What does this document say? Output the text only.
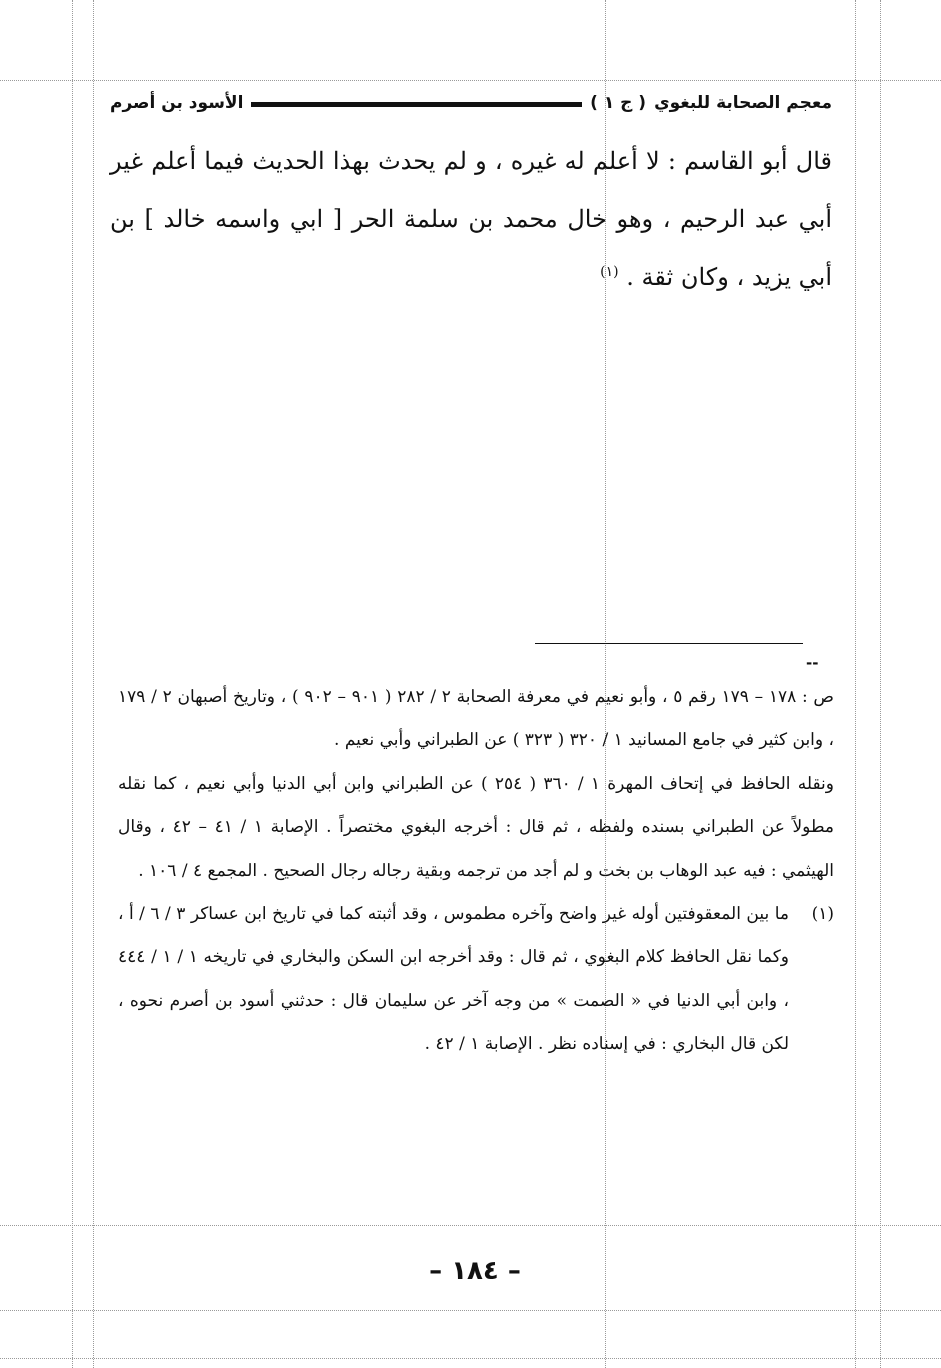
معجم الصحابة للبغوي
( ج ١ )
الأسود بن أصرم

قال أبو القاسم : لا أعلم له غيره ، و لم يحدث بهذا الحديث فيما أعلم غير أبي عبد الرحيم ، وهو خال محمد بن سلمة الحر [ ابي واسمه خالد ] بن أبي يزيد ، وكان ثقة . $^{(١)}$

--

ص : ١٧٨ – ١٧٩ رقم ٥ ، وأبو نعيم في معرفة الصحابة ٢ / ٢٨٢ ( ٩٠١ – ٩٠٢ ) ، وتاريخ أصبهان ٢ / ١٧٩ ، وابن كثير في جامع المسانيد ١ / ٣٢٠ ( ٣٢٣ ) عن الطبراني وأبي نعيم .

ونقله الحافظ في إتحاف المهرة ١ / ٣٦٠ ( ٢٥٤ ) عن الطبراني وابن أبي الدنيا وأبي نعيم ، كما نقله مطولاً عن الطبراني بسنده ولفظه ، ثم قال : أخرجه البغوي مختصراً . الإصابة ١ / ٤١ – ٤٢ ، وقال الهيثمي : فيه عبد الوهاب بن بخت و لم أجد من ترجمه وبقية رجاله رجال الصحيح . المجمع ٤ / ١٠٦ .

(١)
ما بين المعقوفتين أوله غير واضح وآخره مطموس ، وقد أثبته كما في تاريخ ابن عساكر ٣ / ٦ / أ ، وكما نقل الحافظ كلام البغوي ، ثم قال : وقد أخرجه ابن السكن والبخاري في تاريخه ١ / ١ / ٤٤٤ ، وابن أبي الدنيا في « الصمت » من وجه آخر عن سليمان قال : حدثني أسود بن أصرم نحوه ، لكن قال البخاري : في إسناده نظر . الإصابة ١ / ٤٢ .

– ١٨٤ –
